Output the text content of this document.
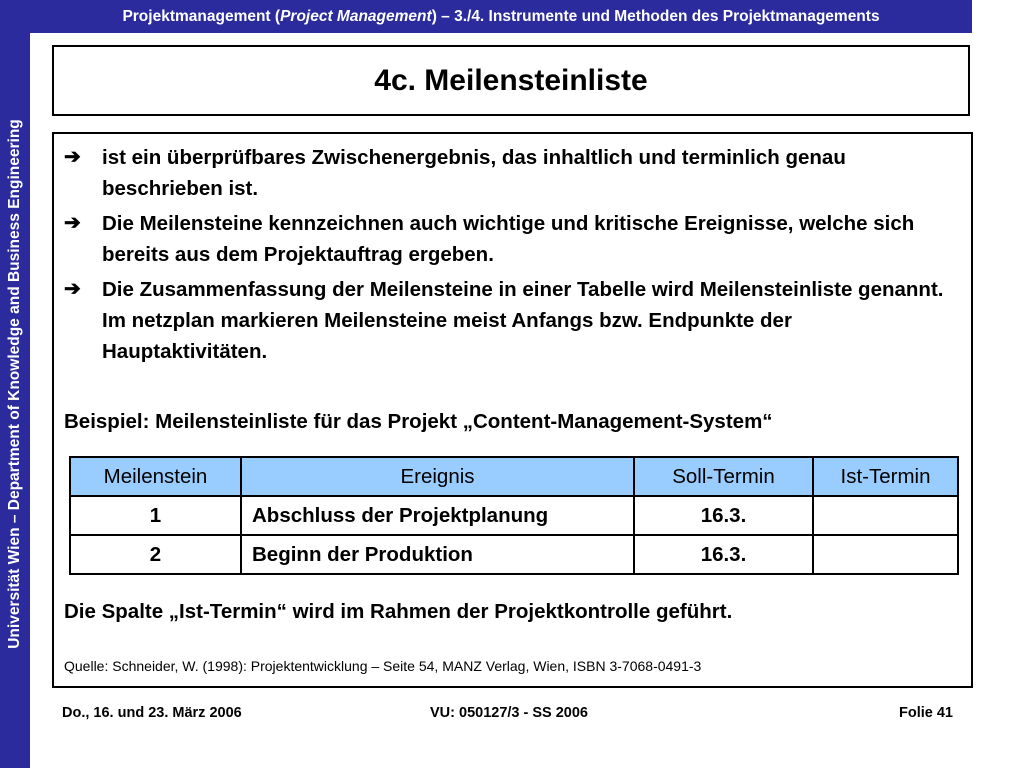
Universität Wien – Department of Knowledge and Business Engineering
Projektmanagement ( Project Management ) – 3./4. Instrumente und Methoden des Projektmanagements
4c. Meilensteinliste
➔	ist ein überprüfbares Zwischenergebnis, das inhaltlich und terminlich genau beschrieben ist.
➔	Die Meilensteine kennzeichnen auch wichtige und kritische Ereignisse, welche sich bereits aus dem Projektauftrag ergeben.
➔	Die Zusammenfassung der Meilensteine in einer Tabelle wird Meilensteinliste genannt. Im netzplan markieren Meilensteine meist Anfangs bzw. Endpunkte der Hauptaktivitäten.
Beispiel: Meilensteinliste für das Projekt „Content-Management-System“
Meilenstein	Ereignis	Soll-Termin	Ist-Termin
1	Abschluss der Projektplanung	16.3.	
2	Beginn der Produktion	16.3.	
Die Spalte „Ist-Termin“ wird im Rahmen der Projektkontrolle geführt.
Quelle: Schneider, W. (1998): Projektentwicklung – Seite 54, MANZ Verlag, Wien, ISBN 3-7068-0491-3
Do., 16. und 23. März 2006	VU: 050127/3 - SS 2006	Folie 41
